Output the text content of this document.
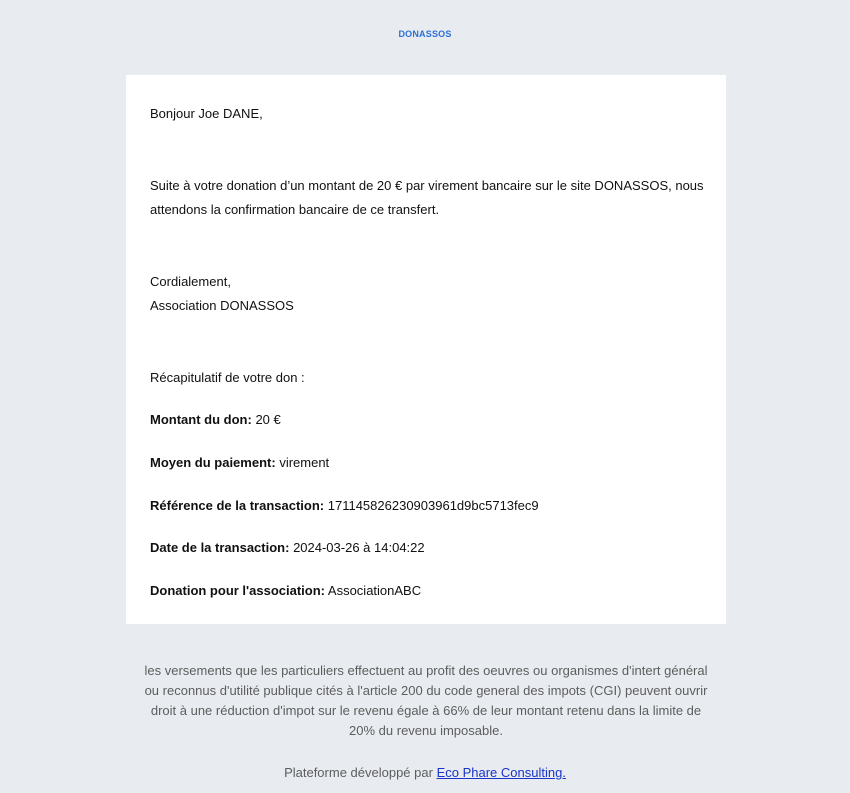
DONASSOS

Bonjour Joe DANE,

Suite à votre donation d’un montant de 20 € par virement bancaire sur le site DONASSOS, nous attendons la confirmation bancaire de ce transfert.

Cordialement,

Association DONASSOS

Récapitulatif de votre don :

Montant du don: 20 €

Moyen du paiement: virement

Référence de la transaction: 171145826230903961d9bc5713fec9

Date de la transaction: 2024-03-26 à 14:04:22

Donation pour l'association: AssociationABC

les versements que les particuliers effectuent au profit des oeuvres ou organismes d'intert général ou reconnus d'utilité publique cités à l'article 200 du code general des impots (CGI) peuvent ouvrir droit à une réduction d'impot sur le revenu égale à 66% de leur montant retenu dans la limite de 20% du revenu imposable.
Plateforme développé par Eco Phare Consulting.
